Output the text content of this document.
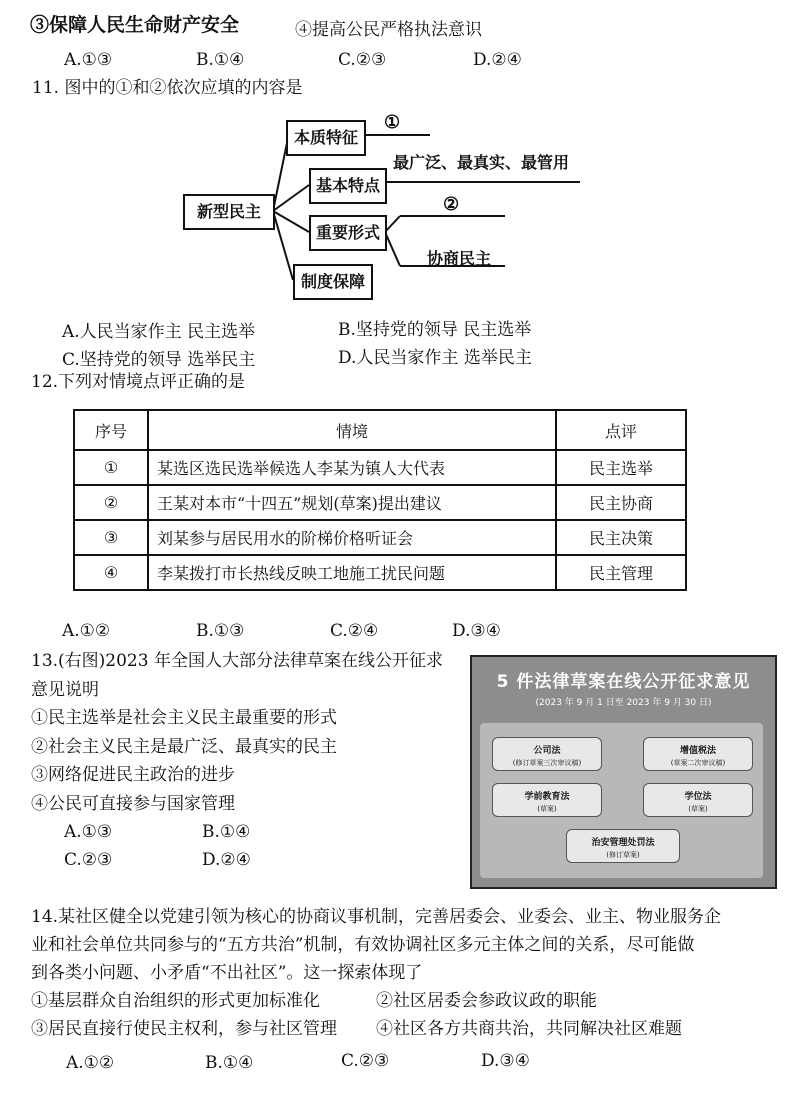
③保障人民生命财产安全	④提高公民严格执法意识
A.①③	B.①④	C.②③	D.②④
11. 图中的①和②依次应填的内容是
新型民主
本质特征
基本特点
重要形式
制度保障
①
最广泛、最真实、最管用
②
协商民主
A.人民当家作主 民主选举	B.坚持党的领导 民主选举
C.坚持党的领导 选举民主	D.人民当家作主 选举民主
12.下列对情境点评正确的是
序号	情境	点评
①	某选区选民选举候选人李某为镇人大代表	民主选举
②	王某对本市“十四五”规划(草案)提出建议	民主协商
③	刘某参与居民用水的阶梯价格听证会	民主决策
④	李某拨打市长热线反映工地施工扰民问题	民主管理
A.①②	B.①③	C.②④	D.③④
13.(右图)2023 年全国人大部分法律草案在线公开征求
意见说明
①民主选举是社会主义民主最重要的形式
②社会主义民主是最广泛、最真实的民主
③网络促进民主政治的进步
④公民可直接参与国家管理
A.①③	B.①④
C.②③	D.②④
5 件法律草案在线公开征求意见
(2023 年 9 月 1 日至 2023 年 9 月 30 日)
公司法
(修订草案三次审议稿)
增值税法
(草案二次审议稿)
学前教育法
(草案)
学位法
(草案)
治安管理处罚法
(修订草案)
14.某社区健全以党建引领为核心的协商议事机制，完善居委会、业委会、业主、物业服务企
业和社会单位共同参与的“五方共治”机制，有效协调社区多元主体之间的关系，尽可能做
到各类小问题、小矛盾“不出社区”。这一探索体现了
①基层群众自治组织的形式更加标准化	②社区居委会参政议政的职能
③居民直接行使民主权利，参与社区管理 ④社区各方共商共治，共同解决社区难题
A.①②	B.①④	C.②③	D.③④
